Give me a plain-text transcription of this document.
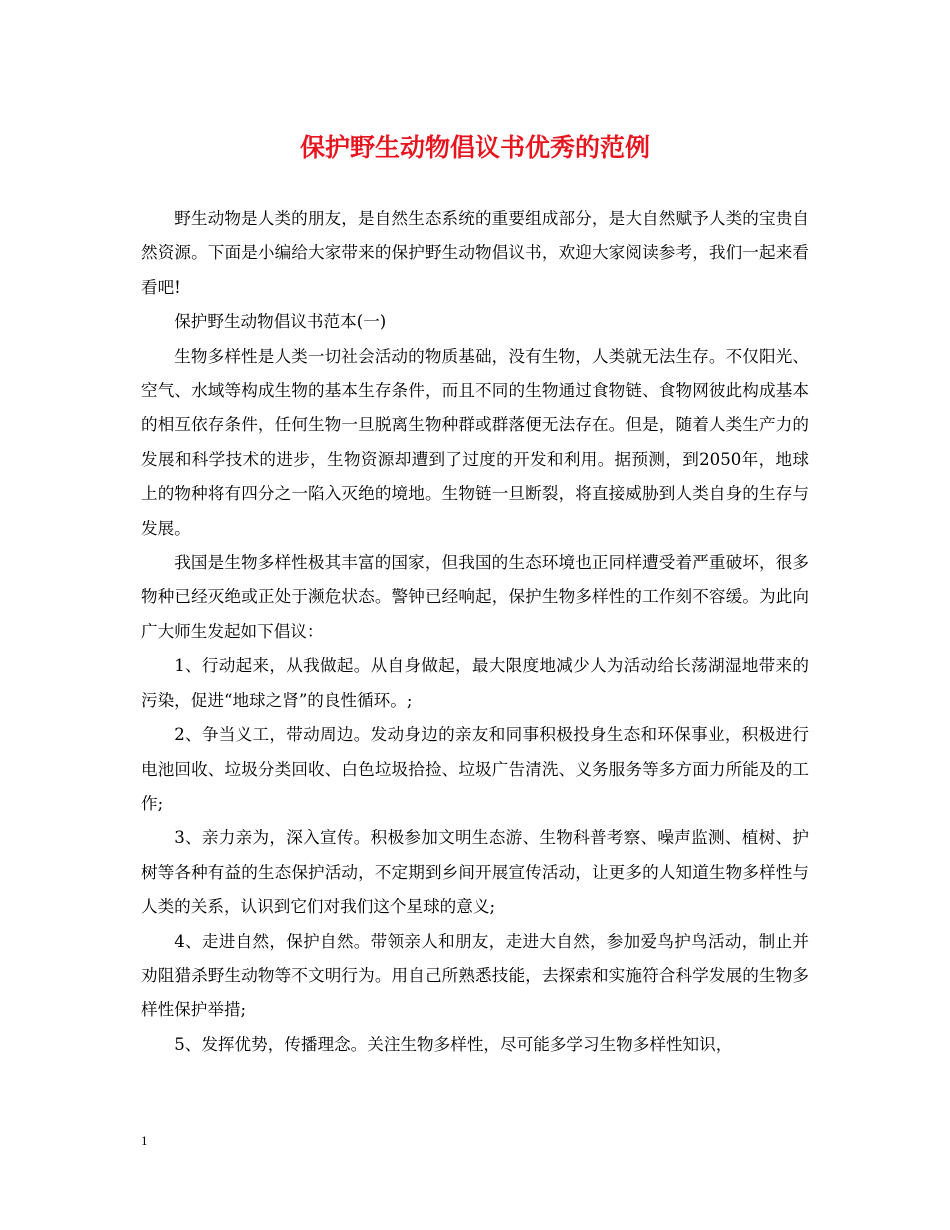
保护野生动物倡议书优秀的范例

野生动物是人类的朋友，是自然生态系统的重要组成部分，是大自然赋予人类的宝贵自然资源。下面是小编给大家带来的保护野生动物倡议书，欢迎大家阅读参考，我们一起来看看吧!

保护野生动物倡议书范本(一)

生物多样性是人类一切社会活动的物质基础，没有生物，人类就无法生存。不仅阳光、空气、水域等构成生物的基本生存条件，而且不同的生物通过食物链、食物网彼此构成基本的相互依存条件，任何生物一旦脱离生物种群或群落便无法存在。但是，随着人类生产力的发展和科学技术的进步，生物资源却遭到了过度的开发和利用。据预测，到2050年，地球上的物种将有四分之一陷入灭绝的境地。生物链一旦断裂，将直接威胁到人类自身的生存与发展。

我国是生物多样性极其丰富的国家，但我国的生态环境也正同样遭受着严重破坏，很多物种已经灭绝或正处于濒危状态。警钟已经响起，保护生物多样性的工作刻不容缓。为此向广大师生发起如下倡议：

1、行动起来，从我做起。从自身做起，最大限度地减少人为活动给长荡湖湿地带来的污染，促进“地球之肾”的良性循环。;

2、争当义工，带动周边。发动身边的亲友和同事积极投身生态和环保事业，积极进行电池回收、垃圾分类回收、白色垃圾拾捡、垃圾广告清洗、义务服务等多方面力所能及的工作;

3、亲力亲为，深入宣传。积极参加文明生态游、生物科普考察、噪声监测、植树、护树等各种有益的生态保护活动，不定期到乡间开展宣传活动，让更多的人知道生物多样性与人类的关系，认识到它们对我们这个星球的意义;

4、走进自然，保护自然。带领亲人和朋友，走进大自然，参加爱鸟护鸟活动，制止并劝阻猎杀野生动物等不文明行为。用自己所熟悉技能，去探索和实施符合科学发展的生物多样性保护举措;

5、发挥优势，传播理念。关注生物多样性，尽可能多学习生物多样性知识，

1
